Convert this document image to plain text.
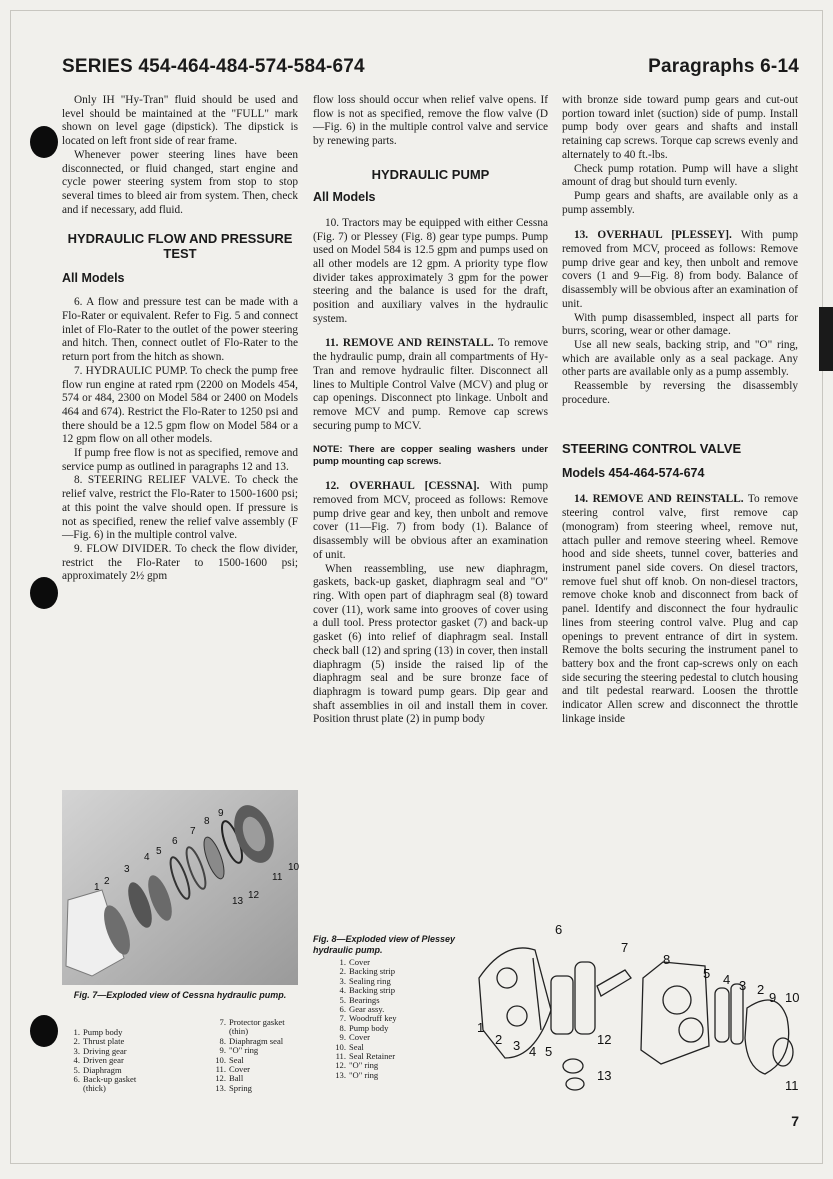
SERIES 454-464-484-574-584-674	Paragraphs 6-14

Only IH "Hy-Tran" fluid should be used and level should be maintained at the "FULL" mark shown on level gage (dipstick). The dipstick is located on left front side of rear frame.

Whenever power steering lines have been disconnected, or fluid changed, start engine and cycle power steering system from stop to stop several times to bleed air from system. Then, check and if necessary, add fluid.

HYDRAULIC FLOW AND PRESSURE TEST
All Models

6. A flow and pressure test can be made with a Flo-Rater or equivalent. Refer to Fig. 5 and connect inlet of Flo-Rater to the outlet of the power steering and hitch. Then, connect outlet of Flo-Rater to the return port from the hitch as shown.

7. HYDRAULIC PUMP. To check the pump free flow run engine at rated rpm (2200 on Models 454, 574 or 484, 2300 on Model 584 or 2400 on Models 464 and 674). Restrict the Flo-Rater to 1250 psi and there should be a 12.5 gpm flow on Model 584 or a 12 gpm flow on all other models.

If pump free flow is not as specified, remove and service pump as outlined in paragraphs 12 and 13.

8. STEERING RELIEF VALVE. To check the relief valve, restrict the Flo-Rater to 1500-1600 psi; at this point the valve should open. If pressure is not as specified, renew the relief valve assembly (F—Fig. 6) in the multiple control valve.

9. FLOW DIVIDER. To check the flow divider, restrict the Flo-Rater to 1500-1600 psi; approximately 2½ gpm

flow loss should occur when relief valve opens. If flow is not as specified, remove the flow valve (D—Fig. 6) in the multiple control valve and service by renewing parts.

HYDRAULIC PUMP
All Models

10. Tractors may be equipped with either Cessna (Fig. 7) or Plessey (Fig. 8) gear type pumps. Pump used on Model 584 is 12.5 gpm and pumps used on all other models are 12 gpm. A priority type flow divider takes approximately 3 gpm for the power steering and the balance is used for the draft, position and auxiliary valves in the hydraulic system.

11. REMOVE AND REINSTALL. To remove the hydraulic pump, drain all compartments of Hy-Tran and remove hydraulic filter. Disconnect all lines to Multiple Control Valve (MCV) and plug or cap openings. Disconnect pto linkage. Unbolt and remove MCV and pump. Remove cap screws securing pump to MCV.

NOTE: There are copper sealing washers under pump mounting cap screws.

12. OVERHAUL [CESSNA]. With pump removed from MCV, proceed as follows: Remove pump drive gear and key, then unbolt and remove cover (11—Fig. 7) from body (1). Balance of disassembly will be obvious after an examination of unit.

When reassembling, use new diaphragm, gaskets, back-up gasket, diaphragm seal and "O" ring. With open part of diaphragm seal (8) toward cover (11), work same into grooves of cover using a dull tool. Press protector gasket (7) and back-up gasket (6) into relief of diaphragm seal. Install check ball (12) and spring (13) in cover, then install diaphragm (5) inside the raised lip of the diaphragm seal and be sure bronze face of diaphragm is toward pump gears. Dip gear and shaft assemblies in oil and install them in cover. Position thrust plate (2) in pump body

with bronze side toward pump gears and cut-out portion toward inlet (suction) side of pump. Install pump body over gears and shafts and install retaining cap screws. Torque cap screws evenly and alternately to 40 ft.-lbs.

Check pump rotation. Pump will have a slight amount of drag but should turn evenly.

Pump gears and shafts, are available only as a pump assembly.

13. OVERHAUL [PLESSEY]. With pump removed from MCV, proceed as follows: Remove pump drive gear and key, then unbolt and remove covers (1 and 9—Fig. 8) from body. Balance of disassembly will be obvious after an examination of unit.

With pump disassembled, inspect all parts for burrs, scoring, wear or other damage.

Use all new seals, backing strip, and "O" ring, which are available only as a seal package. Any other parts are available only as a pump assembly.

Reassemble by reversing the disassembly procedure.

STEERING CONTROL VALVE
Models 454-464-574-674

14. REMOVE AND REINSTALL. To remove steering control valve, first remove cap (monogram) from steering wheel, remove nut, attach puller and remove steering wheel. Remove hood and side sheets, tunnel cover, batteries and instrument panel side covers. On diesel tractors, remove fuel shut off knob. On non-diesel tractors, remove choke knob and disconnect from back of panel. Identify and disconnect the four hydraulic lines from steering control valve. Plug and cap openings to prevent entrance of dirt in system. Remove the bolts securing the instrument panel to battery box and the front cap-screws only on each side securing the steering pedestal to clutch housing and tilt pedestal rearward. Loosen the throttle indicator Allen screw and disconnect the throttle linkage inside

1
2
3
4
5
6
7
8
9
10
11
12
13
Fig. 7—Exploded view of Cessna hydraulic pump.
1. Pump body
2. Thrust plate
3. Driving gear
4. Driven gear
5. Diaphragm
6. Back-up gasket
(thick)
7. Protector gasket
(thin)
8. Diaphragm seal
9. "O" ring
10. Seal
11. Cover
12. Ball
13. Spring
Fig. 8—Exploded view of Plessey hydraulic pump.
1. Cover
2. Backing strip
3. Sealing ring
4. Backing strip
5. Bearings
6. Gear assy.
7. Woodruff key
8. Pump body
9. Cover
10. Seal
11. Seal Retainer
12. "O" ring
13. "O" ring
1
2 3 4 5
6
7
8
5 4 3 2
9 10
11
12
13
7
